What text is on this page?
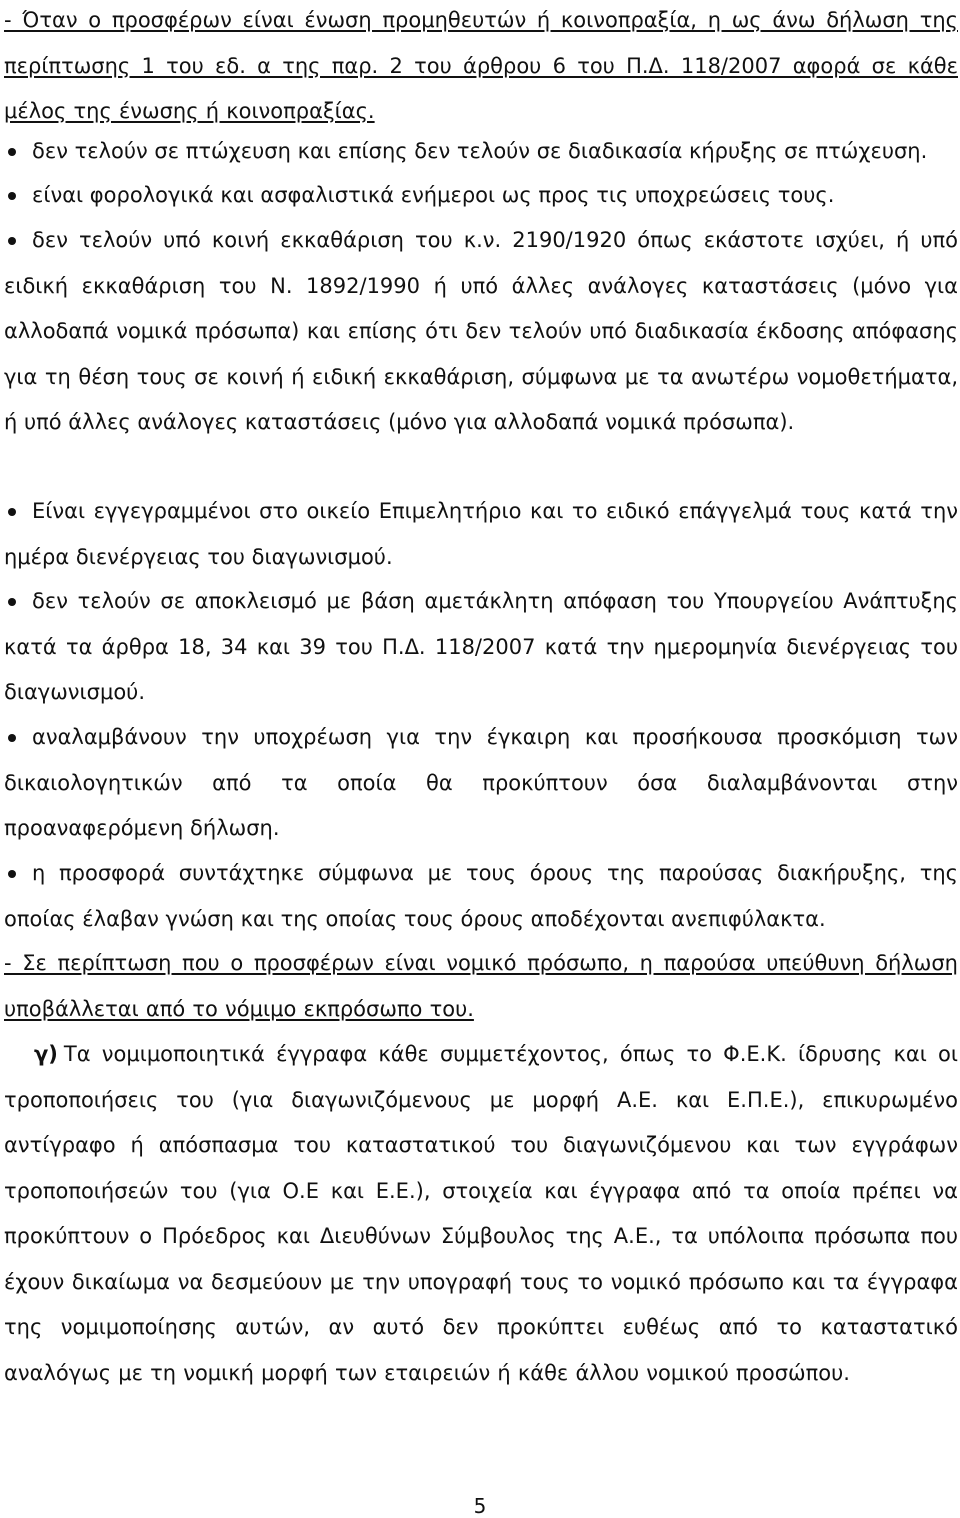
- Όταν ο προσφέρων είναι ένωση προμηθευτών ή κοινοπραξία, η ως άνω δήλωση της περίπτωσης 1 του εδ. α της παρ. 2 του άρθρου 6 του Π.Δ. 118/2007 αφορά σε κάθε μέλος της ένωσης ή κοινοπραξίας.

δεν τελούν σε πτώχευση και επίσης δεν τελούν σε διαδικασία κήρυξης σε πτώχευση.
είναι φορολογικά και ασφαλιστικά ενήμεροι ως προς τις υποχρεώσεις τους.
δεν τελούν υπό κοινή εκκαθάριση του κ.ν. 2190/1920 όπως εκάστοτε ισχύει, ή υπό ειδική εκκαθάριση του Ν. 1892/1990 ή υπό άλλες ανάλογες καταστάσεις (μόνο για αλλοδαπά νομικά πρόσωπα) και επίσης ότι δεν τελούν υπό διαδικασία έκδοσης απόφασης για τη θέση τους σε κοινή ή ειδική εκκαθάριση, σύμφωνα με τα ανωτέρω νομοθετήματα, ή υπό άλλες ανάλογες καταστάσεις (μόνο για αλλοδαπά νομικά πρόσωπα).
Είναι εγγεγραμμένοι στο οικείο Επιμελητήριο και το ειδικό επάγγελμά τους κατά την ημέρα διενέργειας του διαγωνισμού.
δεν τελούν σε αποκλεισμό με βάση αμετάκλητη απόφαση του Υπουργείου Ανάπτυξης κατά τα άρθρα 18, 34 και 39 του Π.Δ. 118/2007 κατά την ημερομηνία διενέργειας του διαγωνισμού.
αναλαμβάνουν την υποχρέωση για την έγκαιρη και προσήκουσα προσκόμιση των δικαιολογητικών από τα οποία θα προκύπτουν όσα διαλαμβάνονται στην προαναφερόμενη δήλωση.
η προσφορά συντάχτηκε σύμφωνα με τους όρους της παρούσας διακήρυξης, της οποίας έλαβαν γνώση και της οποίας τους όρους αποδέχονται ανεπιφύλακτα.

- Σε περίπτωση που ο προσφέρων είναι νομικό πρόσωπο, η παρούσα υπεύθυνη δήλωση υποβάλλεται από το νόμιμο εκπρόσωπο του.

γ) Τα νομιμοποιητικά έγγραφα κάθε συμμετέχοντος, όπως το Φ.Ε.Κ. ίδρυσης και οι τροποποιήσεις του (για διαγωνιζόμενους με μορφή Α.Ε. και Ε.Π.Ε.), επικυρωμένο αντίγραφο ή απόσπασμα του καταστατικού του διαγωνιζόμενου και των εγγράφων τροποποιήσεών του (για Ο.Ε και Ε.Ε.), στοιχεία και έγγραφα από τα οποία πρέπει να προκύπτουν ο Πρόεδρος και Διευθύνων Σύμβουλος της Α.Ε., τα υπόλοιπα πρόσωπα που έχουν δικαίωμα να δεσμεύουν με την υπογραφή τους το νομικό πρόσωπο και τα έγγραφα της νομιμοποίησης αυτών, αν αυτό δεν προκύπτει ευθέως από το καταστατικό αναλόγως με τη νομική μορφή των εταιρειών ή κάθε άλλου νομικού προσώπου.

5
